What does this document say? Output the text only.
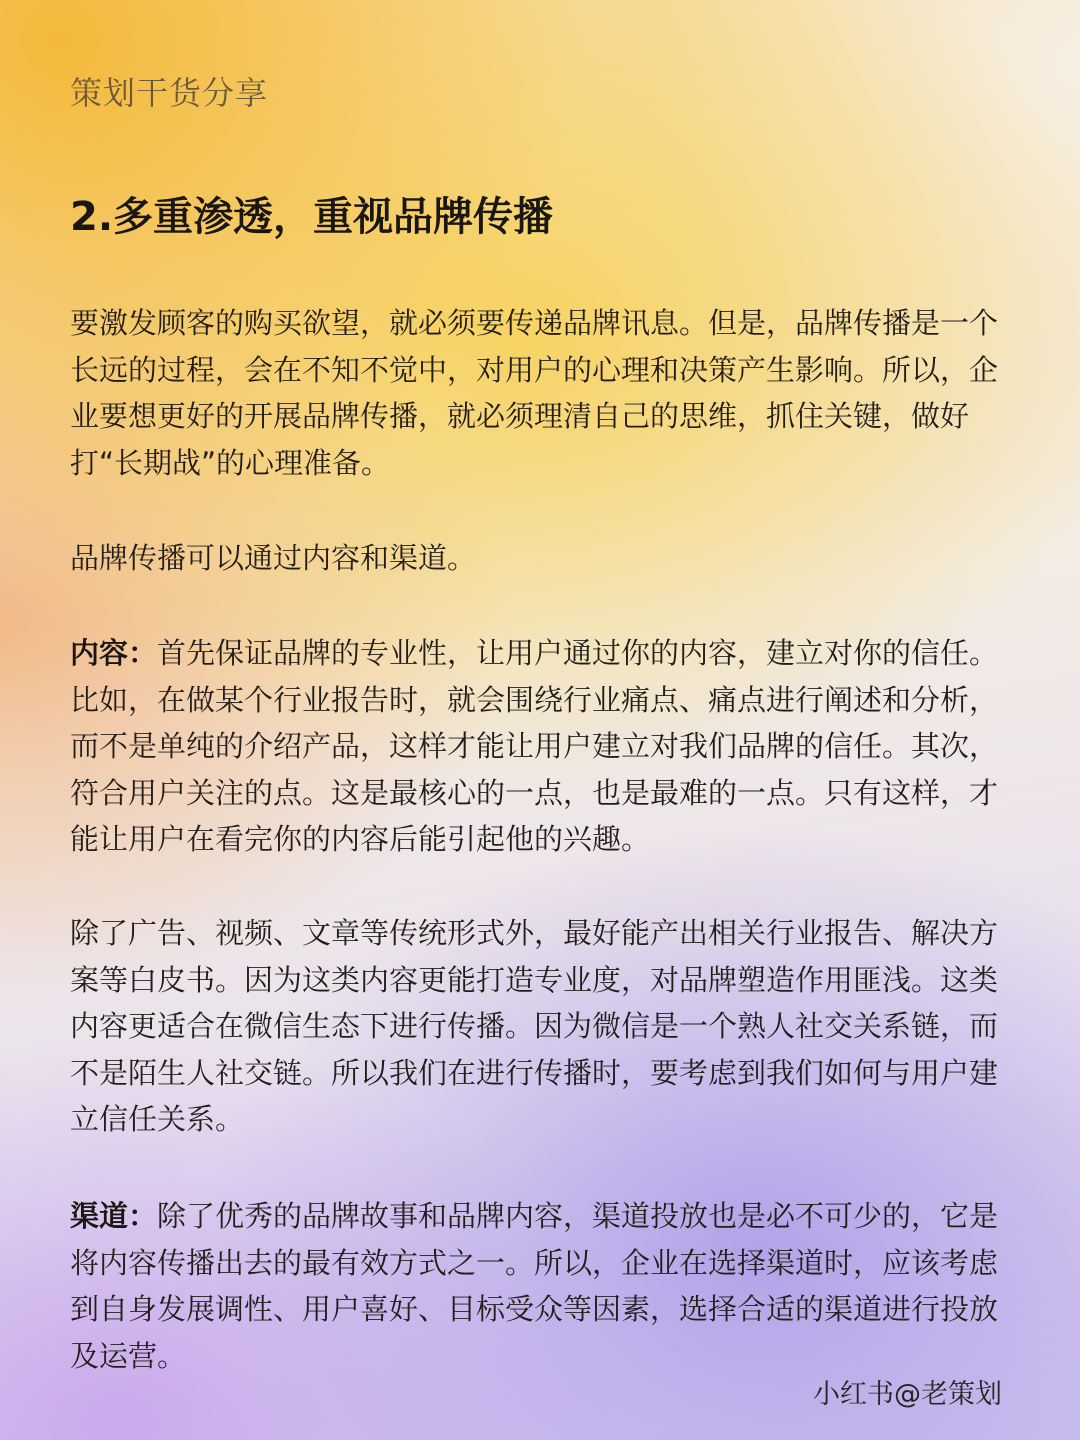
策划干货分享
2.多重渗透，重视品牌传播

要激发顾客的购买欲望，就必须要传递品牌讯息。但是，品牌传播是一个长远的过程，会在不知不觉中，对用户的心理和决策产生影响。所以，企业要想更好的开展品牌传播，就必须理清自己的思维，抓住关键，做好打“长期战”的心理准备。

品牌传播可以通过内容和渠道。

内容：首先保证品牌的专业性，让用户通过你的内容，建立对你的信任。比如，在做某个行业报告时，就会围绕行业痛点、痛点进行阐述和分析，而不是单纯的介绍产品，这样才能让用户建立对我们品牌的信任。其次，符合用户关注的点。这是最核心的一点，也是最难的一点。只有这样，才能让用户在看完你的内容后能引起他的兴趣。

除了广告、视频、文章等传统形式外，最好能产出相关行业报告、解决方案等白皮书。因为这类内容更能打造专业度，对品牌塑造作用匪浅。这类内容更适合在微信生态下进行传播。因为微信是一个熟人社交关系链，而不是陌生人社交链。所以我们在进行传播时，要考虑到我们如何与用户建立信任关系。

渠道：除了优秀的品牌故事和品牌内容，渠道投放也是必不可少的，它是将内容传播出去的最有效方式之一。所以，企业在选择渠道时，应该考虑到自身发展调性、用户喜好、目标受众等因素，选择合适的渠道进行投放及运营。

小红书@老策划
